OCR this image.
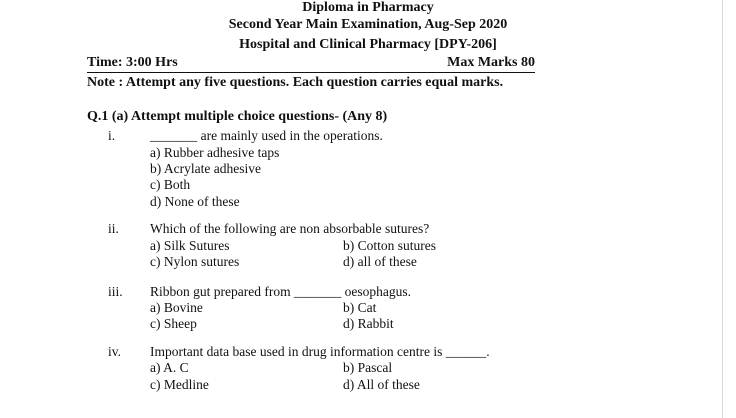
Diploma in Pharmacy
Second Year Main Examination, Aug-Sep 2020
Hospital and Clinical Pharmacy [DPY-206]
Time: 3:00 Hrs	Max Marks 80
Note : Attempt any five questions. Each question carries equal marks.
Q.1 (a) Attempt multiple choice questions- (Any 8)
i.	_______ are mainly used in the operations.
a) Rubber adhesive taps
b) Acrylate adhesive
c) Both
d) None of these
ii. Which of the following are non absorbable sutures?
a) Silk Sutures	b) Cotton sutures
c) Nylon sutures	d) all of these
iii. Ribbon gut prepared from _______ oesophagus.
a) Bovine	b) Cat
c) Sheep	d) Rabbit
iv. Important data base used in drug information centre is ______.
a) A. C	b) Pascal
c) Medline	d) All of these
